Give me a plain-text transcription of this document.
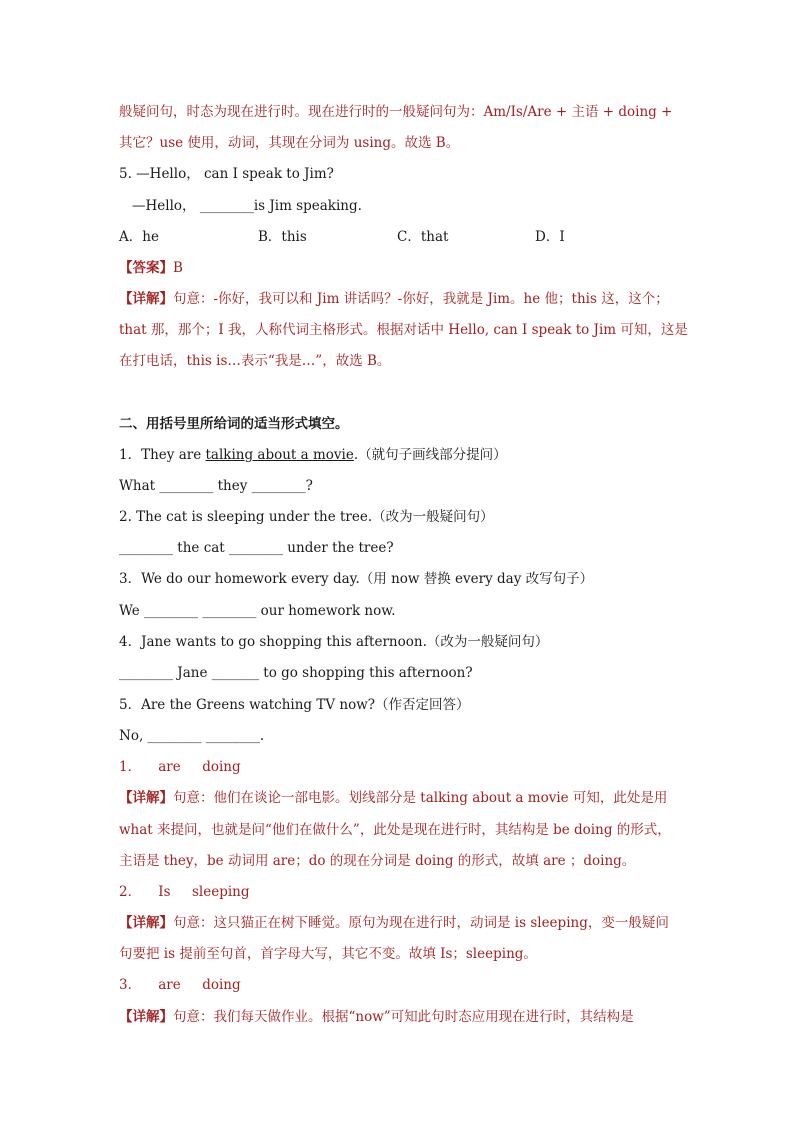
般疑问句，时态为现在进行时。现在进行时的一般疑问句为：Am/Is/Are + 主语 + doing +
其它？use 使用，动词，其现在分词为 using。故选 B。
5. —Hello， can I speak to Jim?
—Hello， ________is Jim speaking.
A．he	B．this	C．that	D．I
【答案】B
【详解】句意：-你好，我可以和 Jim 讲话吗？-你好，我就是 Jim。he 他；this 这，这个；
that 那，那个；I 我，人称代词主格形式。根据对话中 Hello, can I speak to Jim 可知，这是
在打电话，this is…表示“我是…”，故选 B。
二、用括号里所给词的适当形式填空。
1．They are talking about a movie.（就句子画线部分提问）
What ________ they ________?
2. The cat is sleeping under the tree.（改为一般疑问句）
________ the cat ________ under the tree?
3．We do our homework every day.（用 now 替换 every day 改写句子）
We ________ ________ our homework now.
4．Jane wants to go shopping this afternoon.（改为一般疑问句）
________ Jane _______ to go shopping this afternoon?
5．Are the Greens watching TV now?（作否定回答）
No, ________ ________.
1．    are     doing
【详解】句意：他们在谈论一部电影。划线部分是 talking about a movie 可知，此处是用
what 来提问，也就是问“他们在做什么”，此处是现在进行时，其结构是 be doing 的形式，
主语是 they，be 动词用 are；do 的现在分词是 doing 的形式，故填 are ；doing。
2．    Is     sleeping
【详解】句意：这只猫正在树下睡觉。原句为现在进行时，动词是 is sleeping，变一般疑问
句要把 is 提前至句首，首字母大写，其它不变。故填 Is；sleeping。
3．    are     doing
【详解】句意：我们每天做作业。根据“now”可知此句时态应用现在进行时，其结构是
